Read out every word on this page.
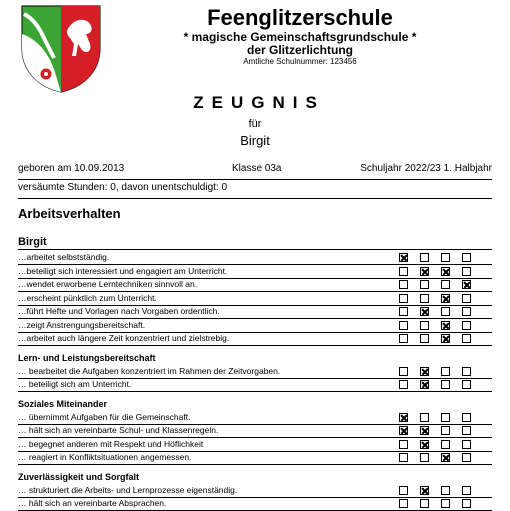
Feenglitzerschule
* magische Gemeinschaftsgrundschule *
der Glitzerlichtung
Amtliche Schulnummer: 123456
ZEUGNIS
für
Birgit
geboren am 10.09.2013	Klasse 03a	Schuljahr 2022/23 1. Halbjahr
versäumte Stunden: 0, davon unentschuldigt: 0
Arbeitsverhalten
Birgit
…arbeitet selbstständig.
…beteiligt sich interessiert und engagiert am Unterricht.
…wendet erworbene Lerntechniken sinnvoll an.
…erscheint pünktlich zum Unterricht.
…führt Hefte und Vorlagen nach Vorgaben ordentlich.
…zeigt Anstrengungsbereitschaft.
…arbeitet auch längere Zeit konzentriert und zielstrebig.
Lern- und Leistungsbereitschaft
… bearbeitet die Aufgaben konzentriert im Rahmen der Zeitvorgaben.
… beteiligt sich am Unterricht.
Soziales Miteinander
… übernimmt Aufgaben für die Gemeinschaft.
… hält sich an vereinbarte Schul- und Klassenregeln.
… begegnet anderen mit Respekt und Höflichkeit
… reagiert in Konfliktsituationen angemessen.
Zuverlässigkeit und Sorgfalt
… strukturiert die Arbeits- und Lernprozesse eigenständig.
… hält sich an vereinbarte Absprachen.
